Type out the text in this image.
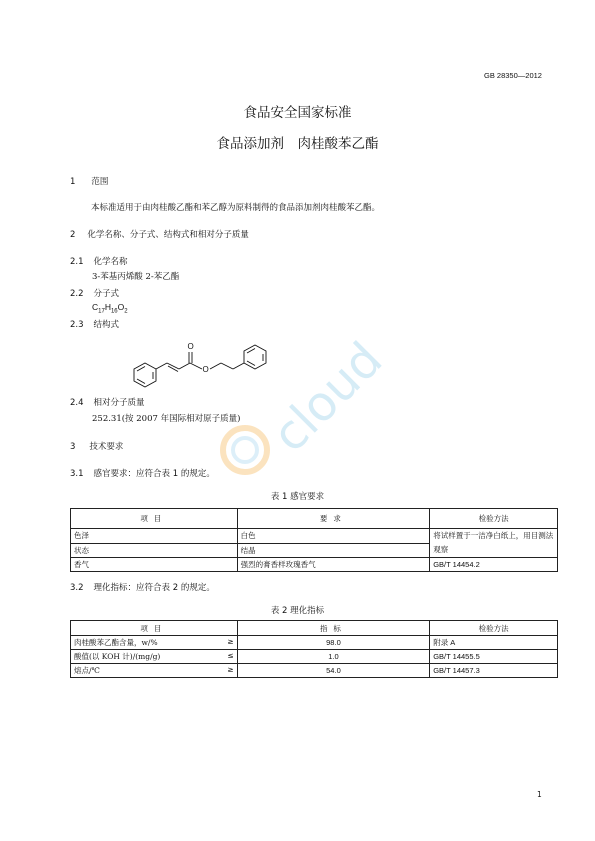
GB 28350—2012
食品安全国家标准
食品添加剂　肉桂酸苯乙酯
1 范围
本标准适用于由肉桂酸乙酯和苯乙醇为原料制得的食品添加剂肉桂酸苯乙酯。
2 化学名称、分子式、结构式和相对分子质量
2.1 化学名称
3-苯基丙烯酸 2-苯乙酯
2.2 分子式
$C_{17}H_{16}O_2$
2.3 结构式
O
O
2.4 相对分子质量
252.31(按 2007 年国际相对原子质量)
3 技术要求
3.1 感官要求：应符合表 1 的规定。
表 1 感官要求
项目	要求	检验方法
色泽	白色	将试样置于一洁净白纸上，用目测法观察
状态	结晶	
香气	强烈的膏香样玫瑰香气	GB/T 14454.2
3.2 理化指标：应符合表 2 的规定。
表 2 理化指标
项目	指标	检验方法
肉桂酸苯乙酯含量，w/% ≥	98.0	附录 A
酸值(以 KOH 计)/(mg/g) ≤	1.0	GB/T 14455.5
熔点/℃ ≥	54.0	GB/T 14457.3
cloud
1
